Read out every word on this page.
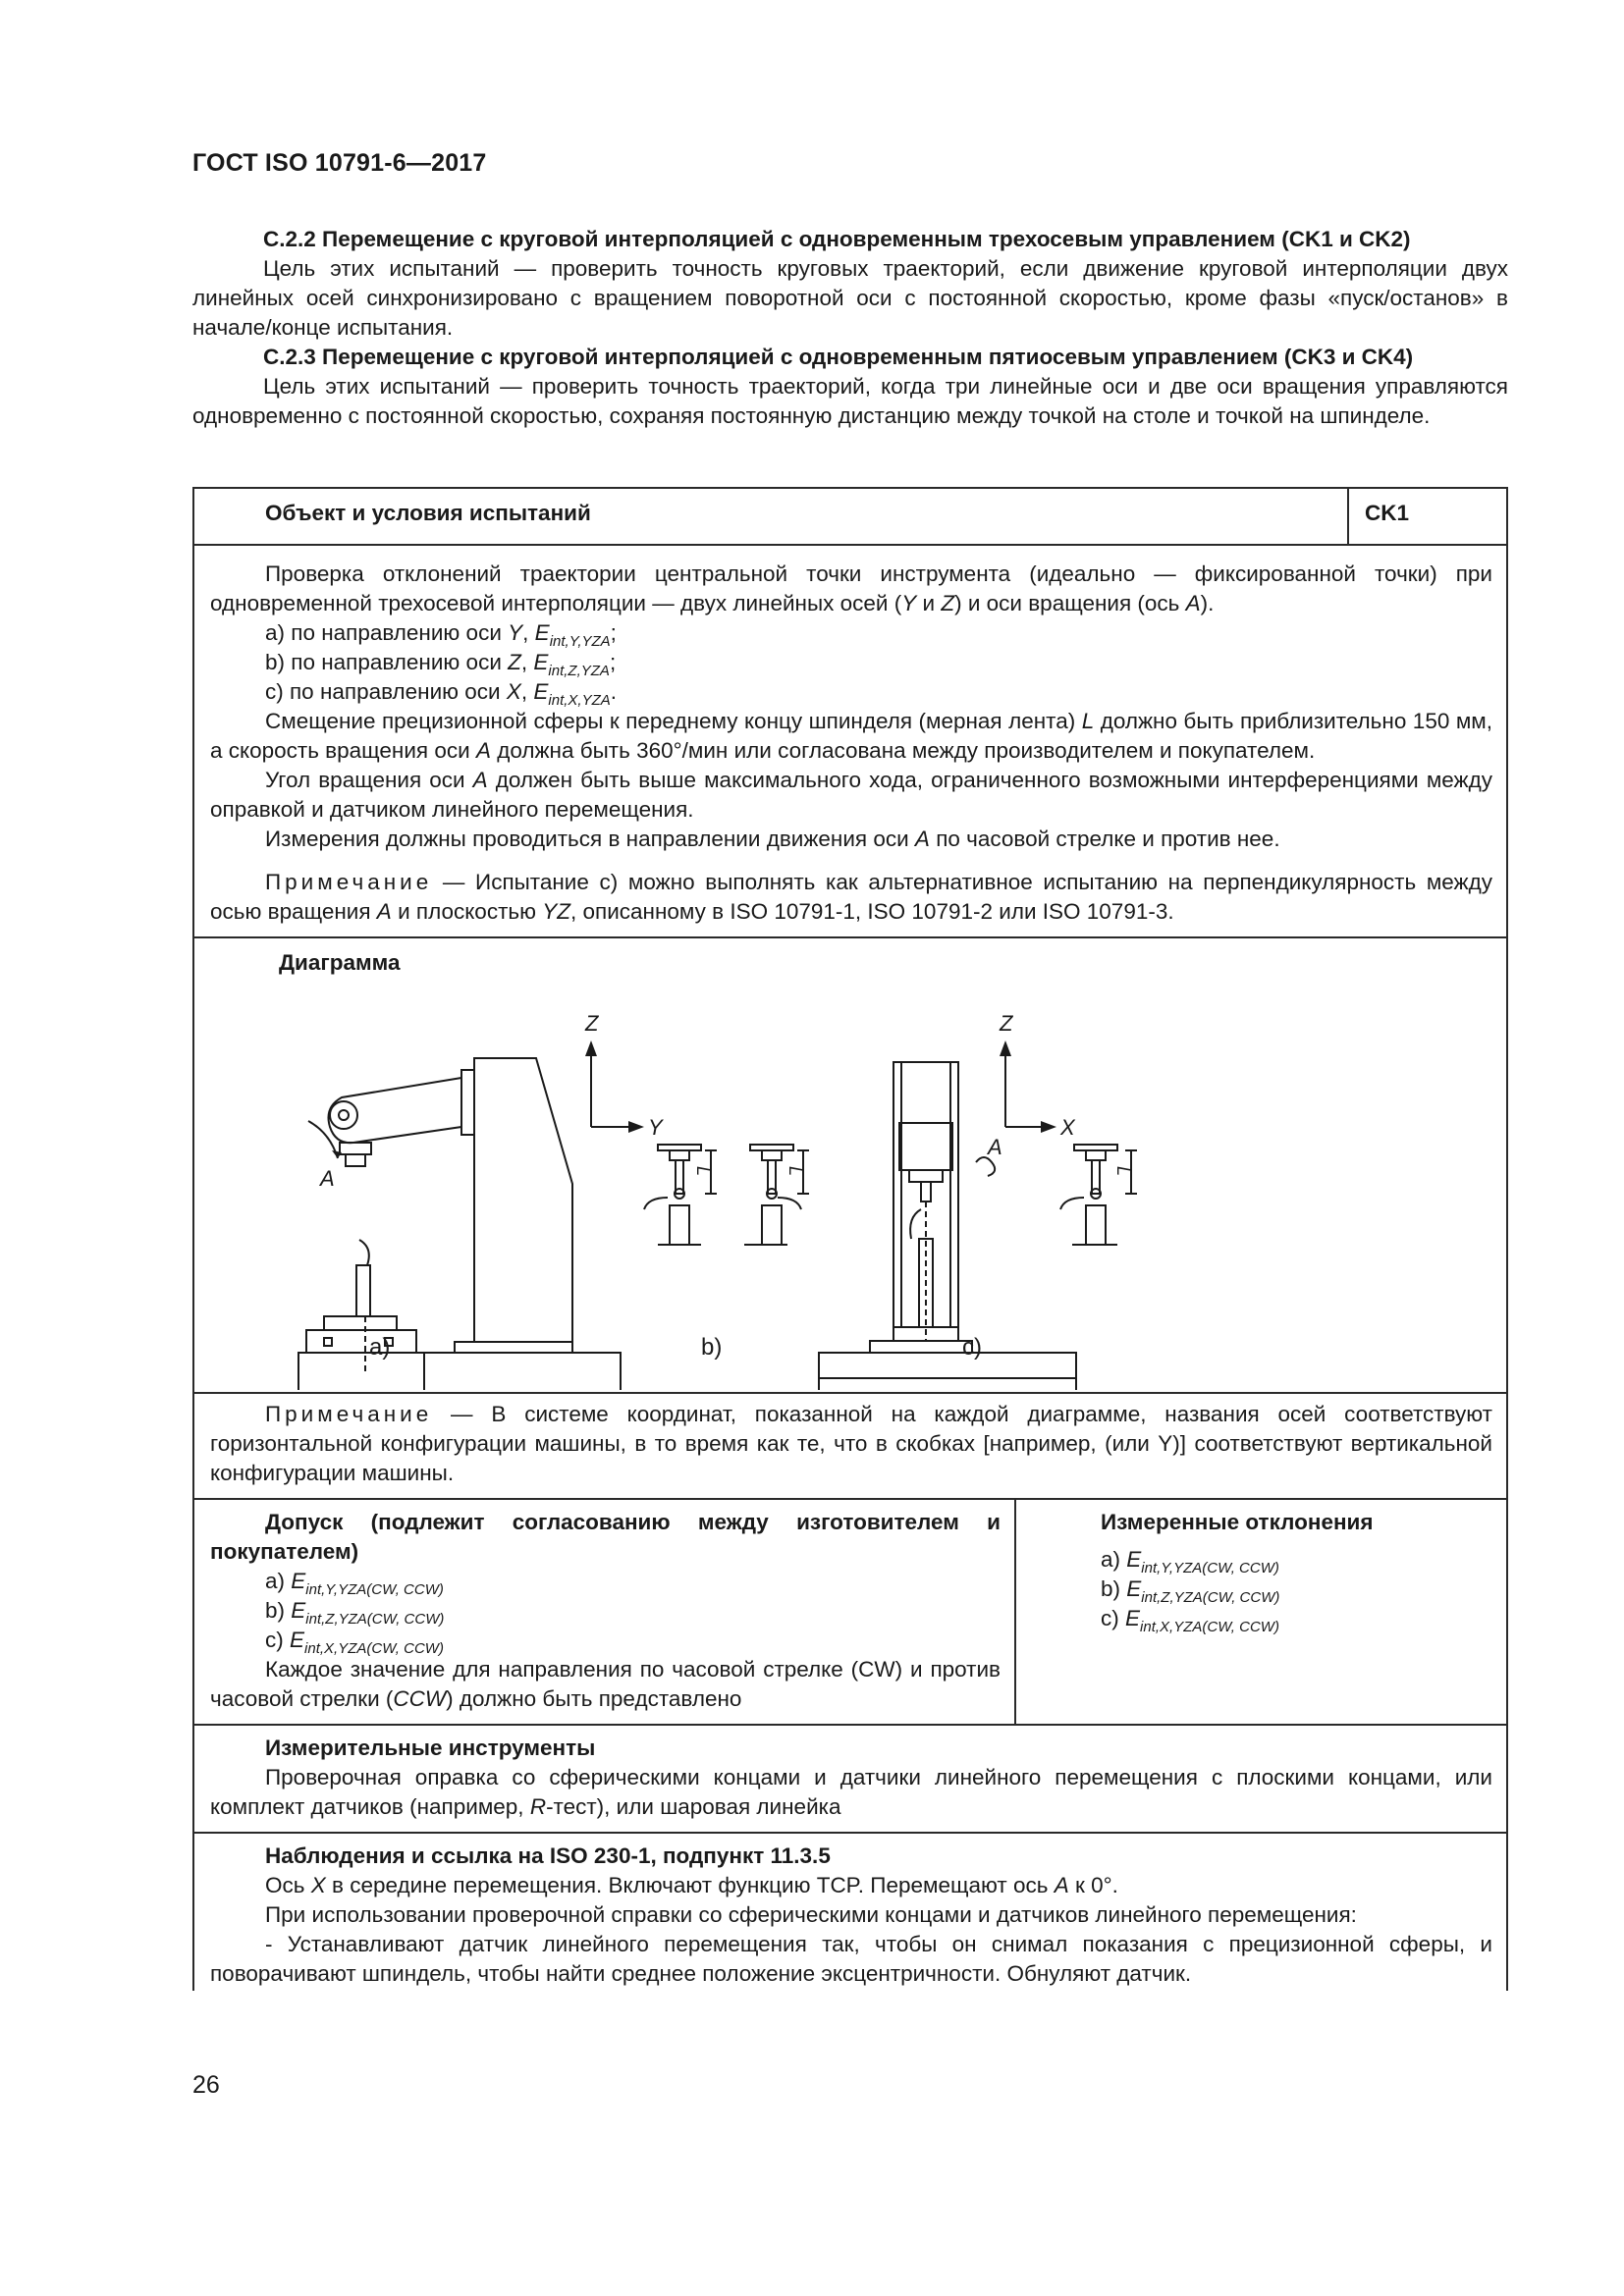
ГОСТ ISO 10791-6—2017
С.2.2 Перемещение с круговой интерполяцией с одновременным трехосевым управлением (CK1 и CK2)
Цель этих испытаний — проверить точность круговых траекторий, если движение круговой интерполяции двух линейных осей синхронизировано с вращением поворотной оси с постоянной скоростью, кроме фазы «пуск/останов» в начале/конце испытания.
С.2.3 Перемещение с круговой интерполяцией с одновременным пятиосевым управлением (CK3 и CK4)
Цель этих испытаний — проверить точность траекторий, когда три линейные оси и две оси вращения управляются одновременно с постоянной скоростью, сохраняя постоянную дистанцию между точкой на столе и точкой на шпинделе.
Объект и условия испытаний	CK1

Проверка отклонений траектории центральной точки инструмента (идеально — фиксированной точки) при одновременной трехосевой интерполяции — двух линейных осей (Y и Z) и оси вращения (ось A).
a) по направлению оси Y, $E_{int,Y,YZA}$;
b) по направлению оси Z, $E_{int,Z,YZA}$;
c) по направлению оси X, $E_{int,X,YZA}$.
Смещение прецизионной сферы к переднему концу шпинделя (мерная лента) L должно быть приблизительно 150 мм, а скорость вращения оси A должна быть 360°/мин или согласована между производителем и покупателем.
Угол вращения оси A должен быть выше максимального хода, ограниченного возможными интерференциями между оправкой и датчиком линейного перемещения.
Измерения должны проводиться в направлении движения оси A по часовой стрелке и против нее.
Примечание — Испытание c) можно выполнять как альтернативное испытанию на перпендикулярность между осью вращения A и плоскостью YZ, описанному в ISO 10791-1, ISO 10791-2 или ISO 10791-3.

Диаграмма
A
Z
Y
L	L
Z
X
A
L
a)	b)	c)

Примечание — В системе координат, показанной на каждой диаграмме, названия осей соответствуют горизонтальной конфигурации машины, в то время как те, что в скобках [например, (или Y)] соответствуют вертикальной конфигурации машины.

Допуск (подлежит согласованию между изготовителем и покупателем)
a) $E_{int,Y,YZA(CW, CCW)}$
b) $E_{int,Z,YZA(CW, CCW)}$
c) $E_{int,X,YZA(CW, CCW)}$
Каждое значение для направления по часовой стрелке (CW) и против часовой стрелки (CCW) должно быть представлено

Измеренные отклонения
a) $E_{int,Y,YZA(CW, CCW)}$
b) $E_{int,Z,YZA(CW, CCW)}$
c) $E_{int,X,YZA(CW, CCW)}$

Измерительные инструменты
Проверочная оправка со сферическими концами и датчики линейного перемещения с плоскими концами, или комплект датчиков (например, R-тест), или шаровая линейка

Наблюдения и ссылка на ISO 230-1, подпункт 11.3.5
Ось X в середине перемещения. Включают функцию TCP. Перемещают ось A к 0°.
При использовании проверочной справки со сферическими концами и датчиков линейного перемещения:
- Устанавливают датчик линейного перемещения так, чтобы он снимал показания с прецизионной сферы, и поворачивают шпиндель, чтобы найти среднее положение эксцентричности. Обнуляют датчик.
26
